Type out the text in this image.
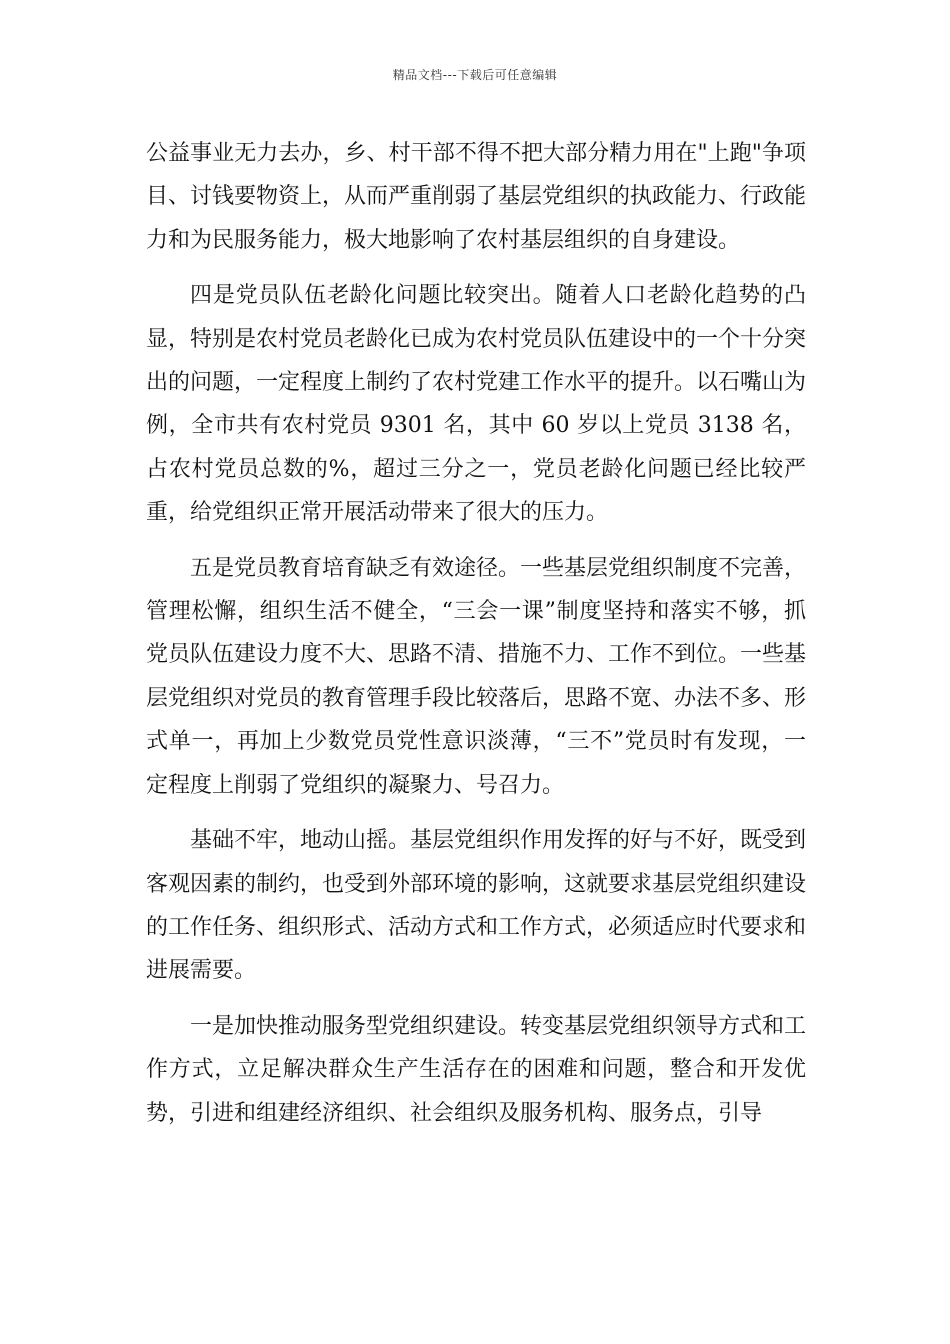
精品文档---下载后可任意编辑

公益事业无力去办，乡、村干部不得不把大部分精力用在"上跑"争项目、讨钱要物资上，从而严重削弱了基层党组织的执政能力、行政能力和为民服务能力，极大地影响了农村基层组织的自身建设。

四是党员队伍老龄化问题比较突出。随着人口老龄化趋势的凸显，特别是农村党员老龄化已成为农村党员队伍建设中的一个十分突出的问题，一定程度上制约了农村党建工作水平的提升。以石嘴山为例，全市共有农村党员 9301 名，其中 60 岁以上党员 3138 名，占农村党员总数的%，超过三分之一，党员老龄化问题已经比较严重，给党组织正常开展活动带来了很大的压力。

五是党员教育培育缺乏有效途径。一些基层党组织制度不完善，管理松懈，组织生活不健全，“三会一课”制度坚持和落实不够，抓党员队伍建设力度不大、思路不清、措施不力、工作不到位。一些基层党组织对党员的教育管理手段比较落后，思路不宽、办法不多、形式单一，再加上少数党员党性意识淡薄，“三不”党员时有发现，一定程度上削弱了党组织的凝聚力、号召力。

基础不牢，地动山摇。基层党组织作用发挥的好与不好，既受到客观因素的制约，也受到外部环境的影响，这就要求基层党组织建设的工作任务、组织形式、活动方式和工作方式，必须适应时代要求和进展需要。

一是加快推动服务型党组织建设。转变基层党组织领导方式和工作方式，立足解决群众生产生活存在的困难和问题，整合和开发优势，引进和组建经济组织、社会组织及服务机构、服务点，引导
